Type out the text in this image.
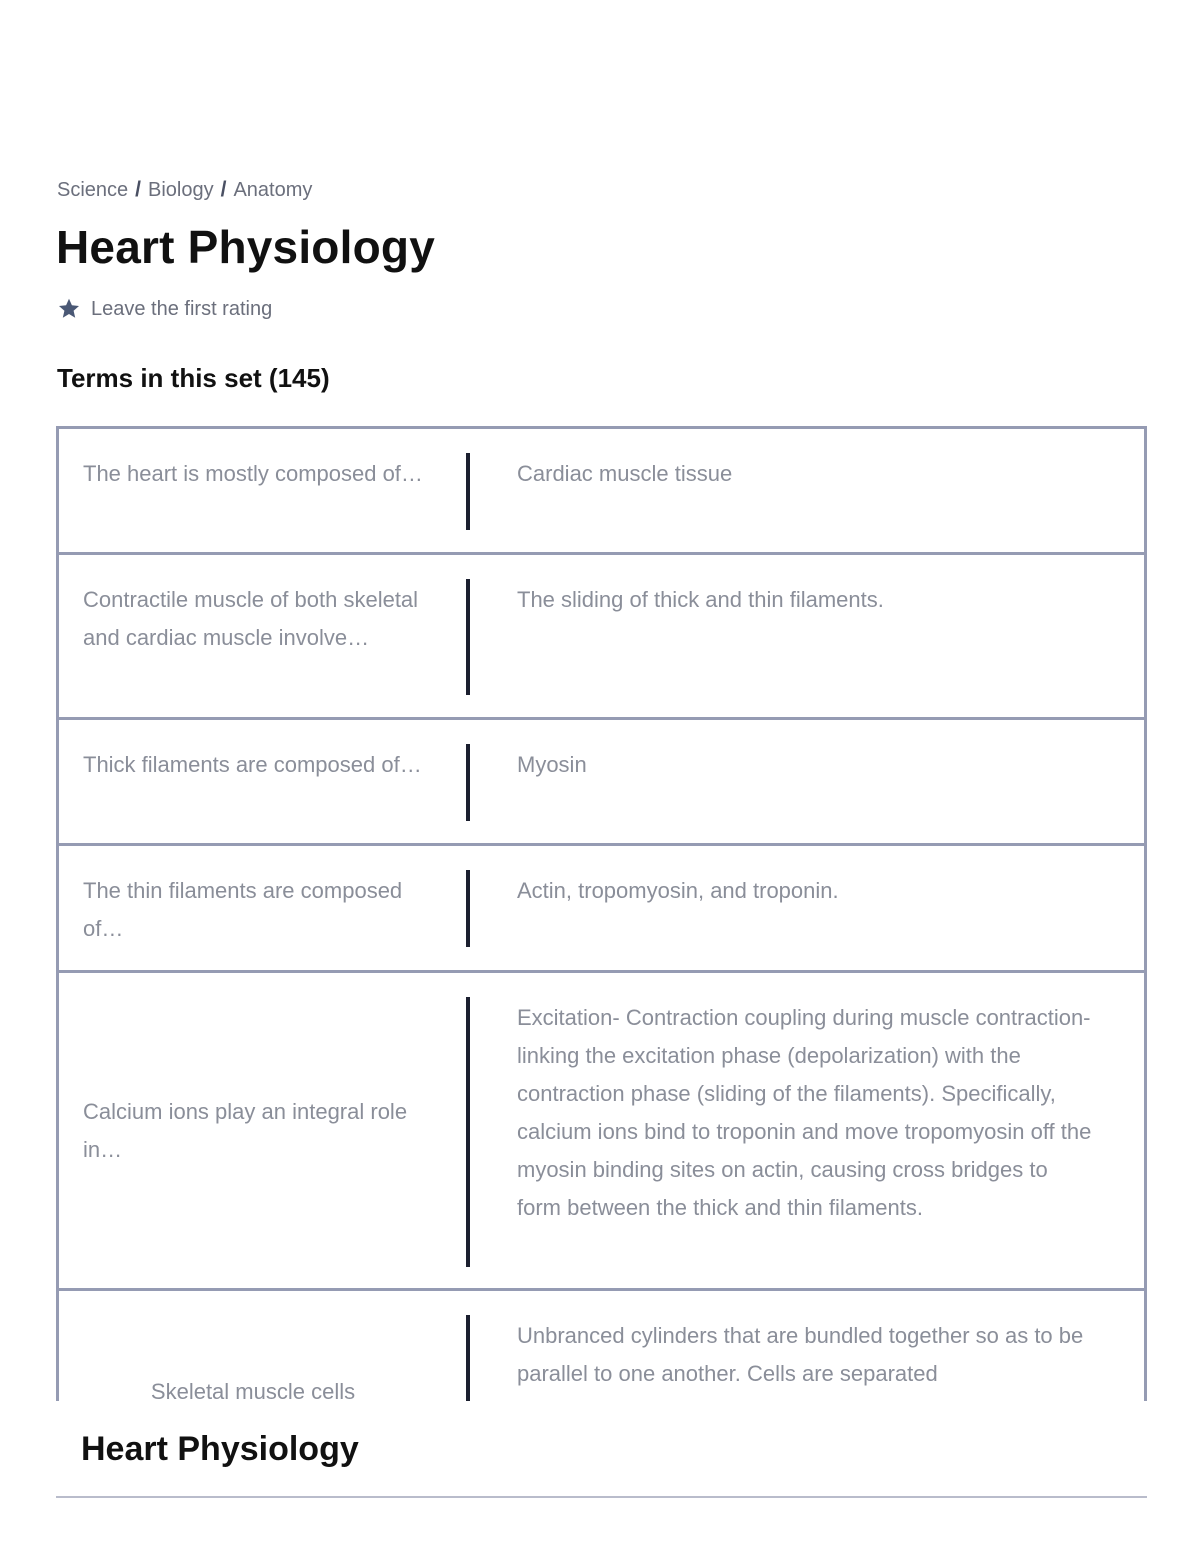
Science / Biology / Anatomy
Heart Physiology
Leave the first rating
Terms in this set (145)
The heart is mostly composed of…	Cardiac muscle tissue
Contractile muscle of both skeletal and cardiac muscle involve…
The sliding of thick and thin filaments.
Thick filaments are composed of…	Myosin
The thin filaments are composed of…
Actin, tropomyosin, and troponin.
Calcium ions play an integral role in…
Excitation- Contraction coupling during muscle contraction- linking the excitation phase (depolarization) with the contraction phase (sliding of the filaments). Specifically, calcium ions bind to troponin and move tropomyosin off the myosin binding sites on actin, causing cross bridges to form between the thick and thin filaments.
Skeletal muscle cells
Unbranced cylinders that are bundled together so as to be parallel to one another. Cells are separated
Heart Physiology
